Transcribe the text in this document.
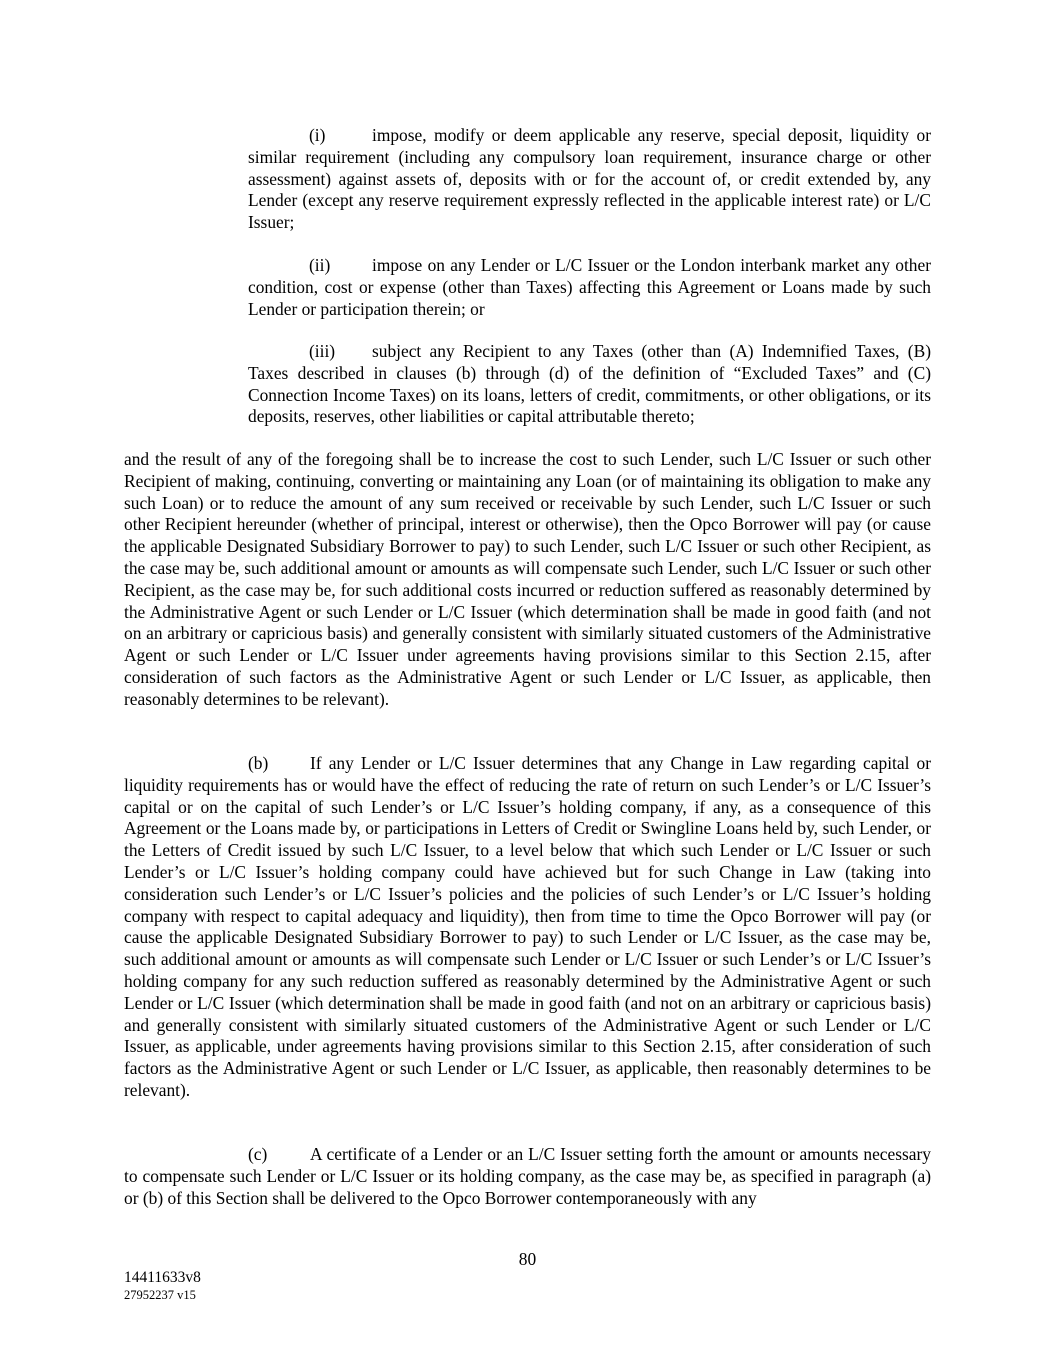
(i)	impose, modify or deem applicable any reserve, special deposit, liquidity or similar requirement (including any compulsory loan requirement, insurance charge or other assessment) against assets of, deposits with or for the account of, or credit extended by, any Lender (except any reserve requirement expressly reflected in the applicable interest rate) or L/C Issuer;

(ii) impose on any Lender or L/C Issuer or the London interbank market any other condition, cost or expense (other than Taxes) affecting this Agreement or Loans made by such Lender or participation therein; or

(iii) subject any Recipient to any Taxes (other than (A) Indemnified Taxes, (B) Taxes described in clauses (b) through (d) of the definition of “Excluded Taxes” and (C) Connection Income Taxes) on its loans, letters of credit, commitments, or other obligations, or its deposits, reserves, other liabilities or capital attributable thereto;

and the result of any of the foregoing shall be to increase the cost to such Lender, such L/C Issuer or such other Recipient of making, continuing, converting or maintaining any Loan (or of maintaining its obligation to make any such Loan) or to reduce the amount of any sum received or receivable by such Lender, such L/C Issuer or such other Recipient hereunder (whether of principal, interest or otherwise), then the Opco Borrower will pay (or cause the applicable Designated Subsidiary Borrower to pay) to such Lender, such L/C Issuer or such other Recipient, as the case may be, such additional amount or amounts as will compensate such Lender, such L/C Issuer or such other Recipient, as the case may be, for such additional costs incurred or reduction suffered as reasonably determined by the Administrative Agent or such Lender or L/C Issuer (which determination shall be made in good faith (and not on an arbitrary or capricious basis) and generally consistent with similarly situated customers of the Administrative Agent or such Lender or L/C Issuer under agreements having provisions similar to this Section 2.15, after consideration of such factors as the Administrative Agent or such Lender or L/C Issuer, as applicable, then reasonably determines to be relevant).

(b) If any Lender or L/C Issuer determines that any Change in Law regarding capital or liquidity requirements has or would have the effect of reducing the rate of return on such Lender’s or L/C Issuer’s capital or on the capital of such Lender’s or L/C Issuer’s holding company, if any, as a consequence of this Agreement or the Loans made by, or participations in Letters of Credit or Swingline Loans held by, such Lender, or the Letters of Credit issued by such L/C Issuer, to a level below that which such Lender or L/C Issuer or such Lender’s or L/C Issuer’s holding company could have achieved but for such Change in Law (taking into consideration such Lender’s or L/C Issuer’s policies and the policies of such Lender’s or L/C Issuer’s holding company with respect to capital adequacy and liquidity), then from time to time the Opco Borrower will pay (or cause the applicable Designated Subsidiary Borrower to pay) to such Lender or L/C Issuer, as the case may be, such additional amount or amounts as will compensate such Lender or L/C Issuer or such Lender’s or L/C Issuer’s holding company for any such reduction suffered as reasonably determined by the Administrative Agent or such Lender or L/C Issuer (which determination shall be made in good faith (and not on an arbitrary or capricious basis) and generally consistent with similarly situated customers of the Administrative Agent or such Lender or L/C Issuer, as applicable, under agreements having provisions similar to this Section 2.15, after consideration of such factors as the Administrative Agent or such Lender or L/C Issuer, as applicable, then reasonably determines to be relevant).

(c) A certificate of a Lender or an L/C Issuer setting forth the amount or amounts necessary to compensate such Lender or L/C Issuer or its holding company, as the case may be, as specified in paragraph (a) or (b) of this Section shall be delivered to the Opco Borrower contemporaneously with any

80
14411633v8
27952237 v15
